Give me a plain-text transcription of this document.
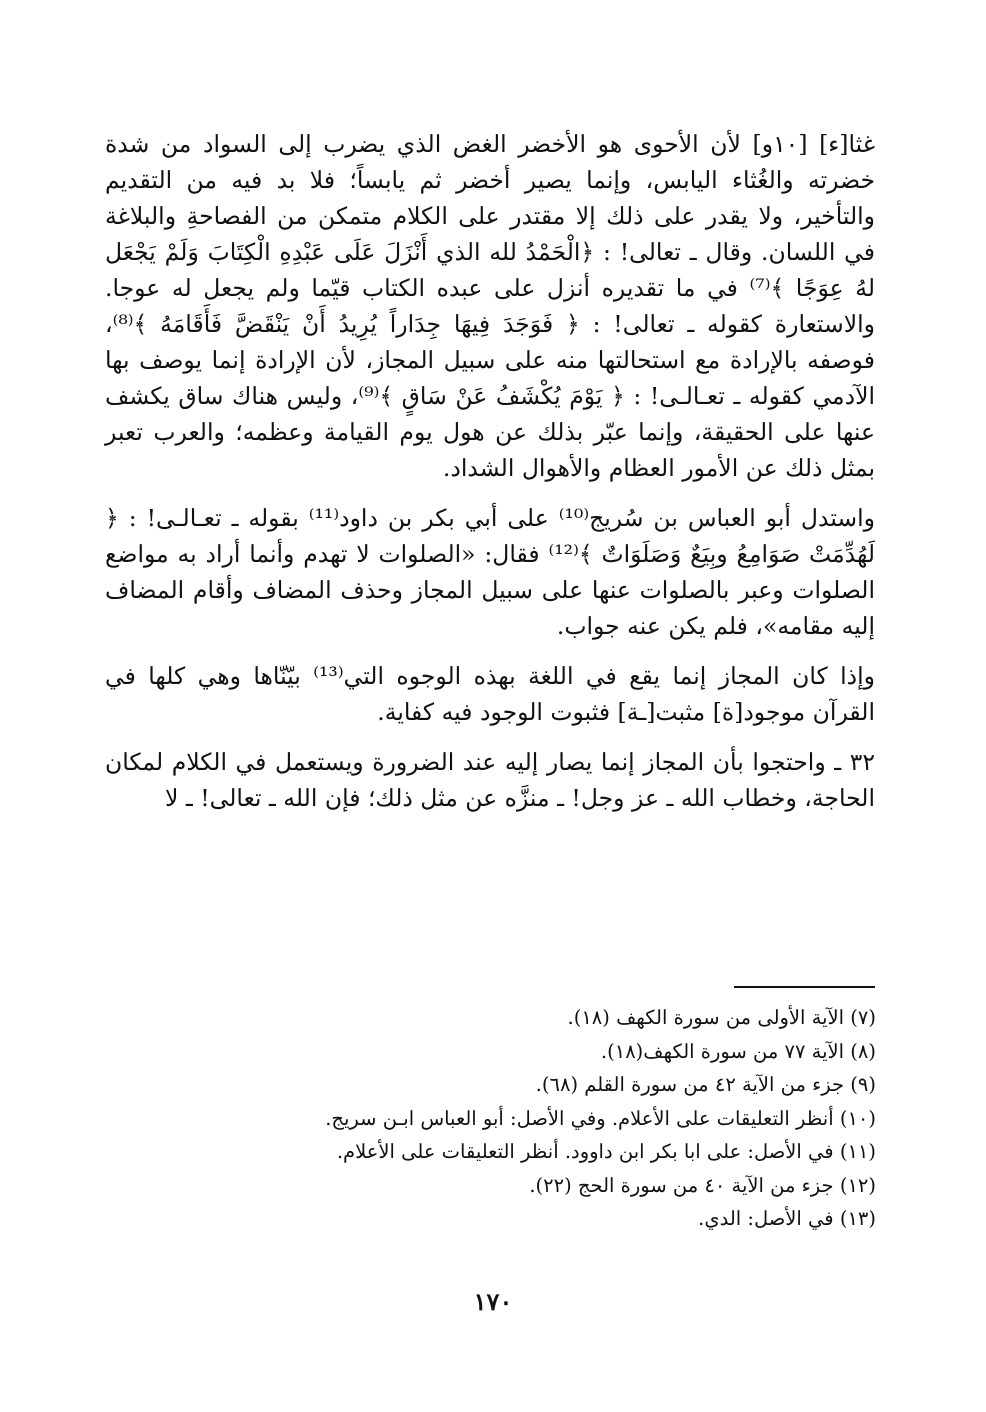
غثا[ء] [١٠و] لأن الأحوى هو الأخضر الغض الذي يضرب إلى السواد من شدة خضرته والغُثاء اليابس، وإنما يصير أخضر ثم يابساً؛ فلا بد فيه من التقديم والتأخير، ولا يقدر على ذلك إلا مقتدر على الكلام متمكن من الفصاحةِ والبلاغة في اللسان. وقال ـ تعالى! : ﴿الْحَمْدُ لله الذي أَنْزَلَ عَلَى عَبْدِهِ الْكِتَابَ وَلَمْ يَجْعَل لهُ عِوَجًا ﴾⁽⁷⁾ في ما تقديره أنزل على عبده الكتاب قيّما ولم يجعل له عوجا. والاستعارة كقوله ـ تعالى! : ﴿ فَوَجَدَ فِيهَا جِدَاراً يُرِيدُ أَنْ يَنْقَضَّ فَأَقَامَهُ ﴾⁽⁸⁾، فوصفه بالإرادة مع استحالتها منه على سبيل المجاز، لأن الإرادة إنما يوصف بها الآدمي كقوله ـ تعـالـى! : ﴿ يَوْمَ يُكْشَفُ عَنْ سَاقٍ ﴾⁽⁹⁾، وليس هناك ساق يكشف عنها على الحقيقة، وإنما عبّر بذلك عن هول يوم القيامة وعظمه؛ والعرب تعبر بمثل ذلك عن الأمور العظام والأهوال الشداد.

واستدل أبو العباس بن سُريج⁽¹⁰⁾ على أبي بكر بن داود⁽¹¹⁾ بقوله ـ تعـالـى! : ﴿ لَهُدِّمَتْ صَوَامِعُ وبِيَعٌ وَصَلَوَاتٌ ﴾⁽¹²⁾ فقال: «الصلوات لا تهدم وأنما أراد به مواضع الصلوات وعبر بالصلوات عنها على سبيل المجاز وحذف المضاف وأقام المضاف إليه مقامه»، فلم يكن عنه جواب.

وإذا كان المجاز إنما يقع في اللغة بهذه الوجوه التي⁽¹³⁾ بيّنّاها وهي كلها في القرآن موجود[ة] مثبت[ـة] فثبوت الوجود فيه كفاية.

٣٢ ـ واحتجوا بأن المجاز إنما يصار إليه عند الضرورة ويستعمل في الكلام لمكان الحاجة، وخطاب الله ـ عز وجل! ـ منزَّه عن مثل ذلك؛ فإن الله ـ تعالى! ـ لا

(٧) الآية الأولى من سورة الكهف (١٨).
(٨) الآية ٧٧ من سورة الكهف(١٨).
(٩) جزء من الآية ٤٢ من سورة القلم (٦٨).
(١٠) أنظر التعليقات على الأعلام. وفي الأصل: أبو العباس ابـن سريج.
(١١) في الأصل: على ابا بكر ابن داوود. أنظر التعليقات على الأعلام.
(١٢) جزء من الآية ٤٠ من سورة الحج (٢٢).
(١٣) في الأصل: الدي.
١٧٠
